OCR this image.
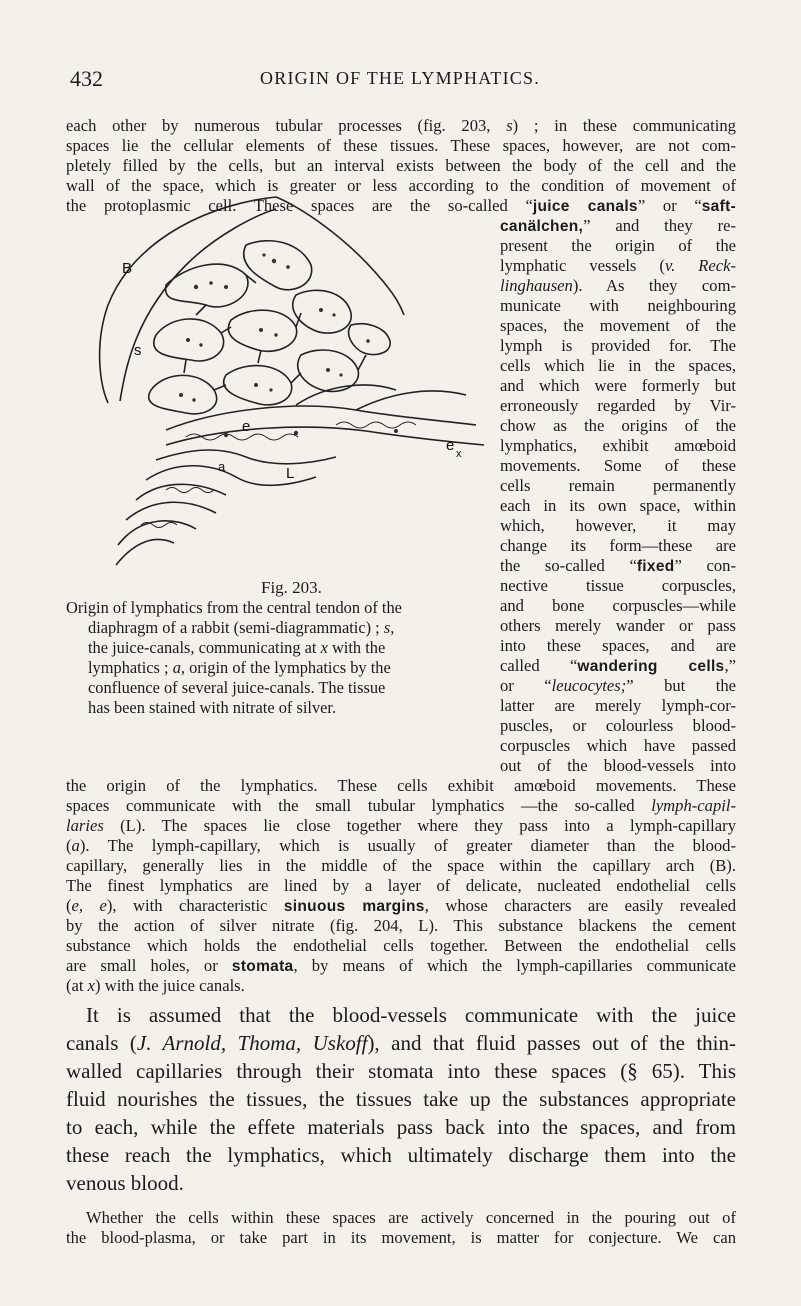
432	ORIGIN OF THE LYMPHATICS.
each other by numerous tubular processes (fig. 203, s) ; in these communicating
spaces lie the cellular elements of these tissues. These spaces, however, are not com-
pletely filled by the cells, but an interval exists between the body of the cell and the
wall of the space, which is greater or less according to the condition of movement of
the protoplasmic cell. These spaces are the so-called “juice canals” or “saft-
canälchen,” and they re-
present the origin of the
lymphatic vessels (v. Reck-
linghausen). As they com-
municate with neighbouring
spaces, the movement of the
lymph is provided for. The
cells which lie in the spaces,
and which were formerly but
erroneously regarded by Vir-
chow as the origins of the
lymphatics, exhibit amœboid
movements. Some of these
cells remain permanently
each in its own space, within
which, however, it may
change its form—these are
the so-called “fixed” con-
nective tissue corpuscles,
and bone corpuscles—while
others merely wander or pass
into these spaces, and are
called “wandering cells,”
or “leucocytes;” but the
latter are merely lymph-cor-
puscles, or colourless blood-
corpuscles which have passed
out of the blood-vessels into
B
s
e
e x
L
a
Fig. 203.
Origin of lymphatics from the central tendon of the
diaphragm of a rabbit (semi-diagrammatic) ; s,
the juice-canals, communicating at x with the
lymphatics ; a, origin of the lymphatics by the
confluence of several juice-canals. The tissue
has been stained with nitrate of silver.
the origin of the lymphatics. These cells exhibit amœboid movements. These
spaces communicate with the small tubular lymphatics —the so-called lymph-capil-
laries (L). The spaces lie close together where they pass into a lymph-capillary
(a). The lymph-capillary, which is usually of greater diameter than the blood-
capillary, generally lies in the middle of the space within the capillary arch (B).
The finest lymphatics are lined by a layer of delicate, nucleated endothelial cells
(e, e), with characteristic sinuous margins, whose characters are easily revealed
by the action of silver nitrate (fig. 204, L). This substance blackens the cement
substance which holds the endothelial cells together. Between the endothelial cells
are small holes, or stomata, by means of which the lymph-capillaries communicate
(at x) with the juice canals.
It is assumed that the blood-vessels communicate with the juice
canals (J. Arnold, Thoma, Uskoff), and that fluid passes out of the thin-
walled capillaries through their stomata into these spaces (§ 65). This
fluid nourishes the tissues, the tissues take up the substances appropriate
to each, while the effete materials pass back into the spaces, and from
these reach the lymphatics, which ultimately discharge them into the
venous blood.
Whether the cells within these spaces are actively concerned in the pouring out of
the blood-plasma, or take part in its movement, is matter for conjecture. We can
